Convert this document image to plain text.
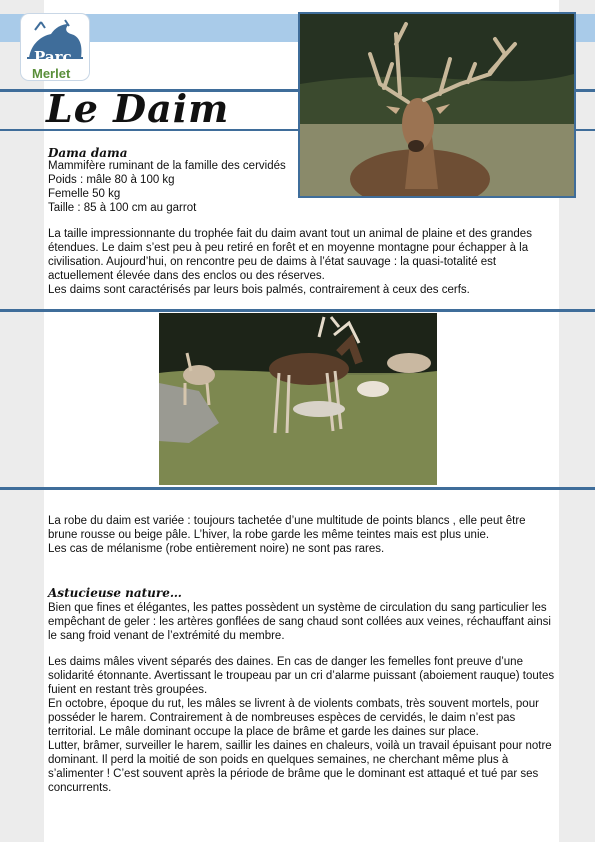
Parc
Merlet
Le Daim
Dama dama
Mammifère ruminant de la famille des cervidés
Poids : mâle 80 à 100 kg
Femelle 50 kg
Taille : 85 à 100 cm au garrot

La taille impressionnante du trophée fait du daim avant tout un animal de plaine et des grandes étendues. Le daim s’est peu à peu retiré en forêt et en moyenne montagne pour échapper à la civilisation. Aujourd’hui, on rencontre peu de daims à l’état sauvage : la quasi-totalité est actuellement élevée dans des enclos ou des réserves.

Les daims sont caractérisés par leurs bois palmés, contrairement à ceux des cerfs.

La robe du daim est variée : toujours tachetée d’une multitude de points blancs , elle peut être brune rousse ou beige pâle. L’hiver, la robe garde les même teintes mais est plus unie.

Les cas de mélanisme (robe entièrement noire) ne sont pas rares.

Astucieuse nature…

Bien que fines et élégantes, les pattes possèdent un système de circulation du sang particulier les empêchant de geler : les artères gonflées de sang chaud sont collées aux veines, réchauffant ainsi le sang froid venant de l’extrémité du membre.

Les daims mâles vivent séparés des daines. En cas de danger les femelles font preuve d’une solidarité étonnante. Avertissant le troupeau par un cri d’alarme puissant (aboiement rauque) toutes fuient en restant très groupées.

En octobre, époque du rut, les mâles se livrent à de violents combats, très souvent mortels, pour posséder le harem. Contrairement à de nombreuses espèces de cervidés, le daim n’est pas territorial. Le mâle dominant occupe la place de brâme et garde les daines sur place.

Lutter, brâmer, surveiller le harem, saillir les daines en chaleurs, voilà un travail épuisant pour notre dominant. Il perd la moitié de son poids en quelques semaines, ne cherchant même plus à s’alimenter ! C’est souvent après la période de brâme que le dominant est attaqué et tué par ses concurrents.
